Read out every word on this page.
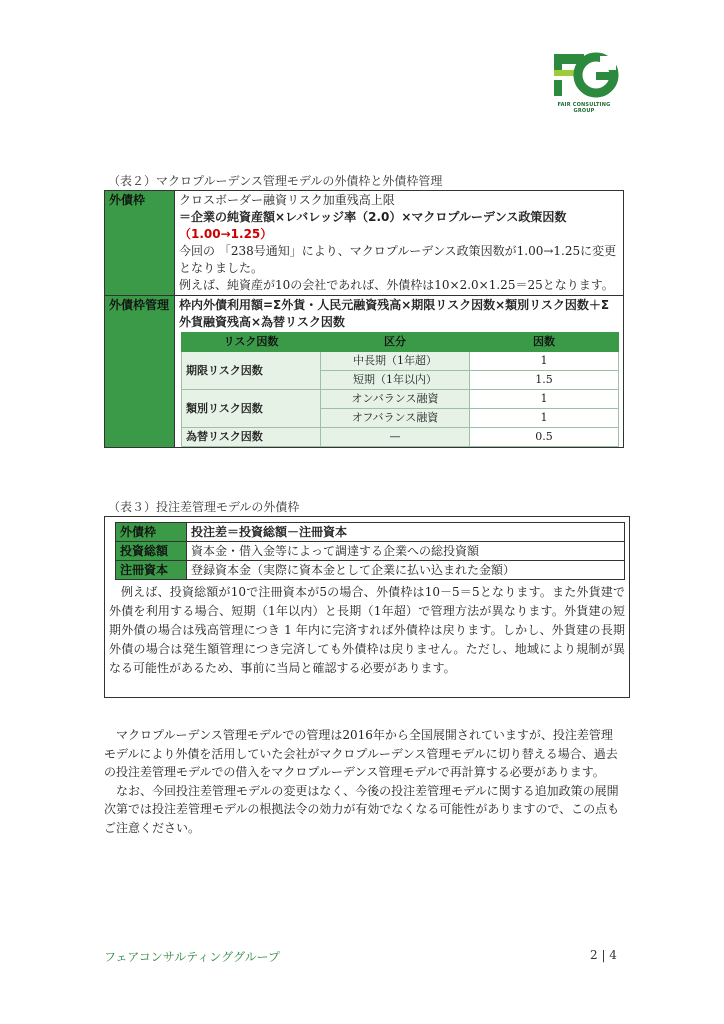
FAIR CONSULTING GROUP
（表２）マクロプルーデンス管理モデルの外債枠と外債枠管理
外債枠	クロスボーダー融資リスク加重残高上限
＝企業の純資産額×レバレッジ率（2.0）×マクロプルーデンス政策因数
（1.00→1.25）
今回の 「238号通知」により、マクロプルーデンス政策因数が1.00→1.25に変更となりました。
例えば、純資産が10の会社であれば、外債枠は10×2.0×1.25＝25となります。

外債枠管理	枠内外債利用額=Σ外貨・人民元融資残高×期限リスク因数×類別リスク因数＋Σ外貨融資残高×為替リスク因数
リスク因数	区分	因数
期限リスク因数	中長期（1年超）	1
短期（1年以内）	1.5
類別リスク因数	オンバランス融資	1
オフバランス融資	1
為替リスク因数	—	0.5
（表３）投注差管理モデルの外債枠
外債枠	投注差＝投資総額－注冊資本
投資総額	資本金・借入金等によって調達する企業への総投資額
注冊資本	登録資本金（実際に資本金として企業に払い込まれた金額）
例えば、投資総額が10で注冊資本が5の場合、外債枠は10－5＝5となります。また外貨建で外債を利用する場合、短期（1年以内）と長期（1年超）で管理方法が異なります。外貨建の短期外債の場合は残高管理につき 1 年内に完済すれば外債枠は戻ります。しかし、外貨建の長期外債の場合は発生額管理につき完済しても外債枠は戻りません。ただし、地域により規制が異なる可能性があるため、事前に当局と確認する必要があります。
マクロプルーデンス管理モデルでの管理は2016年から全国展開されていますが、投注差管理モデルにより外債を活用していた会社がマクロプルーデンス管理モデルに切り替える場合、過去の投注差管理モデルでの借入をマクロプルーデンス管理モデルで再計算する必要があります。
なお、今回投注差管理モデルの変更はなく、今後の投注差管理モデルに関する追加政策の展開次第では投注差管理モデルの根拠法令の効力が有効でなくなる可能性がありますので、この点もご注意ください。
フェアコンサルティンググループ	2 | 4
